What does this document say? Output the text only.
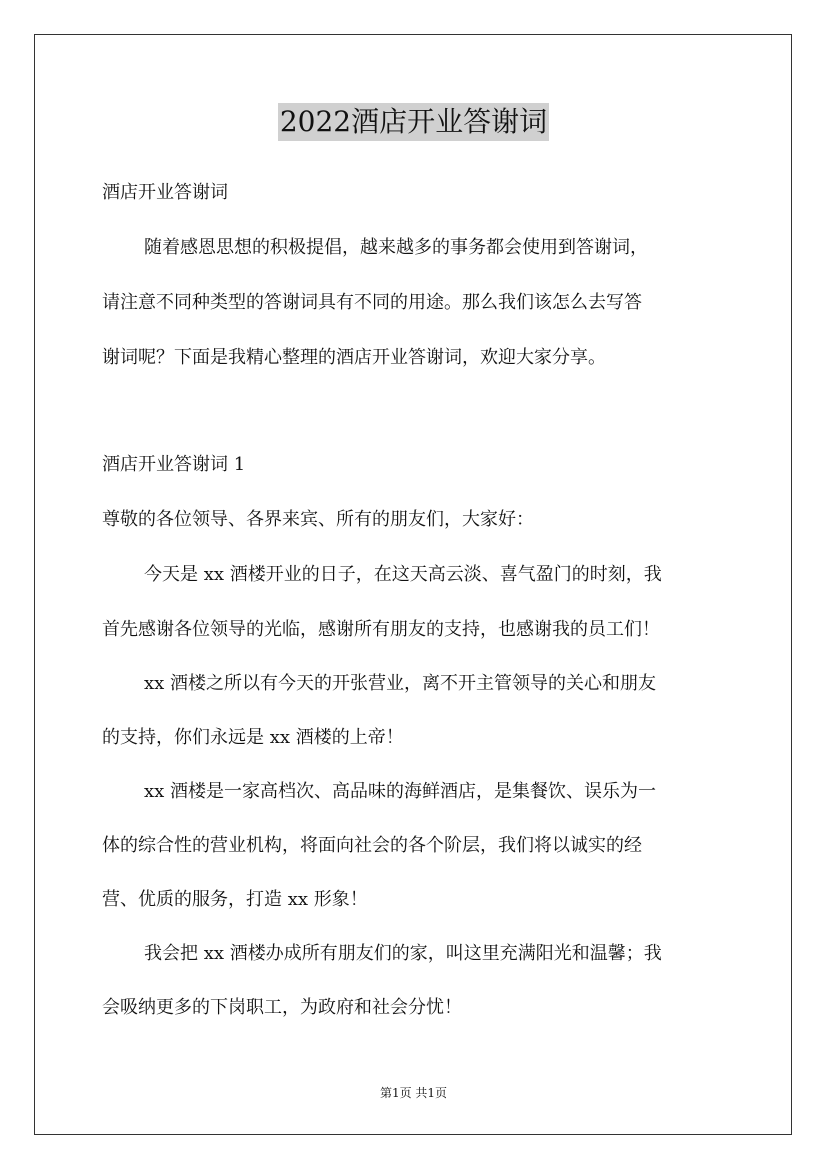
2022酒店开业答谢词
酒店开业答谢词
随着感恩思想的积极提倡，越来越多的事务都会使用到答谢词，
请注意不同种类型的答谢词具有不同的用途。那么我们该怎么去写答
谢词呢？下面是我精心整理的酒店开业答谢词，欢迎大家分享。
酒店开业答谢词 1
尊敬的各位领导、各界来宾、所有的朋友们，大家好：
今天是 xx 酒楼开业的日子，在这天高云淡、喜气盈门的时刻，我
首先感谢各位领导的光临，感谢所有朋友的支持，也感谢我的员工们！
xx 酒楼之所以有今天的开张营业，离不开主管领导的关心和朋友
的支持，你们永远是 xx 酒楼的上帝！
xx 酒楼是一家高档次、高品味的海鲜酒店，是集餐饮、误乐为一
体的综合性的营业机构，将面向社会的各个阶层，我们将以诚实的经
营、优质的服务，打造 xx 形象！
我会把 xx 酒楼办成所有朋友们的家，叫这里充满阳光和温馨；我
会吸纳更多的下岗职工，为政府和社会分忧！
第1页 共1页
